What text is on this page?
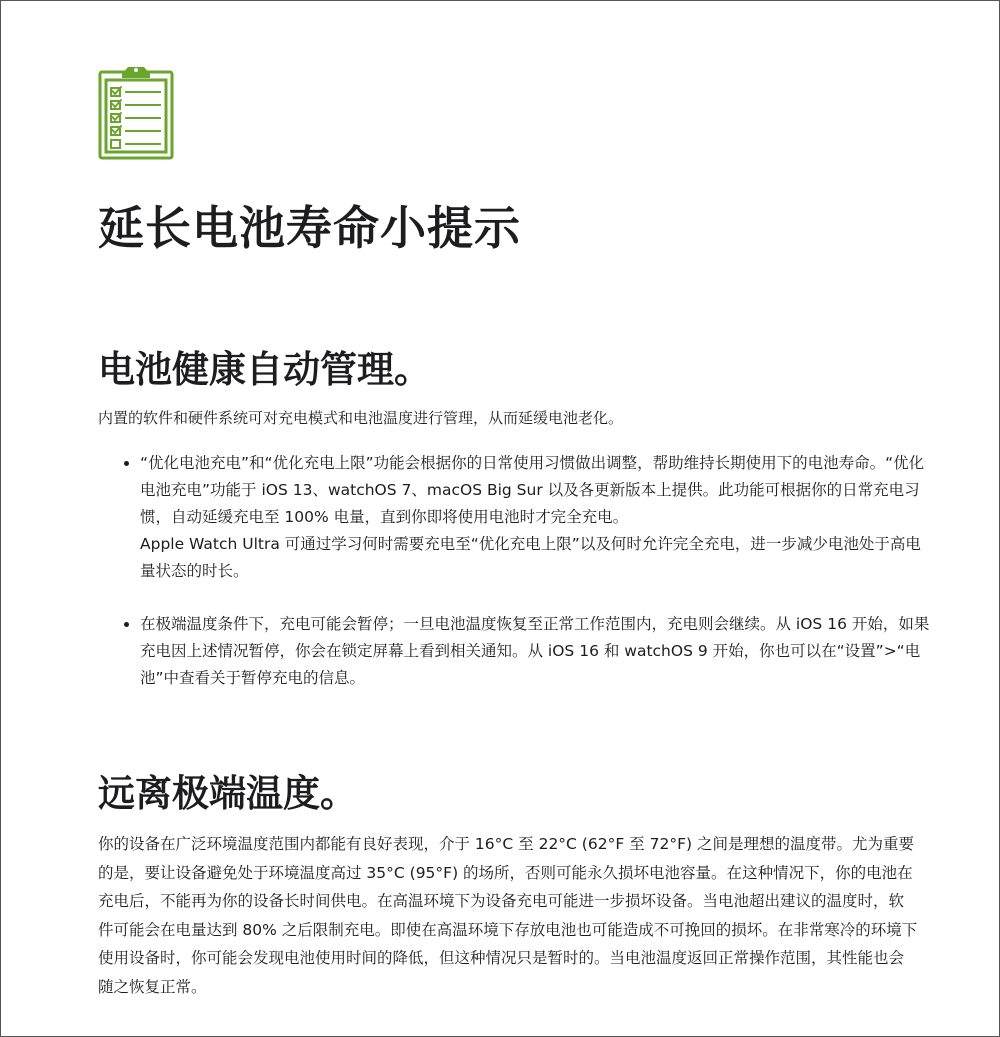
延长电池寿命小提示
电池健康自动管理。

内置的软件和硬件系统可对充电模式和电池温度进行管理，从而延缓电池老化。

“优化电池充电”和“优化充电上限”功能会根据你的日常使用习惯做出调整，帮助维持长期使用下的电池寿命。“优化电池充电”功能于 iOS 13、watchOS 7、macOS Big Sur 以及各更新版本上提供。此功能可根据你的日常充电习惯，自动延缓充电至 100% 电量，直到你即将使用电池时才完全充电。
Apple Watch Ultra 可通过学习何时需要充电至“优化充电上限”以及何时允许完全充电，进一步减少电池处于高电量状态的时长。
在极端温度条件下，充电可能会暂停；一旦电池温度恢复至正常工作范围内，充电则会继续。从 iOS 16 开始，如果充电因上述情况暂停，你会在锁定屏幕上看到相关通知。从 iOS 16 和 watchOS 9 开始，你也可以在“设置”>“电池”中查看关于暂停充电的信息。
远离极端温度。

你的设备在广泛环境温度范围内都能有良好表现，介于 16°C 至 22°C (62°F 至 72°F) 之间是理想的温度带。尤为重要的是，要让设备避免处于环境温度高过 35°C (95°F) 的场所，否则可能永久损坏电池容量。在这种情况下，你的电池在充电后，不能再为你的设备长时间供电。在高温环境下为设备充电可能进一步损坏设备。当电池超出建议的温度时，软件可能会在电量达到 80% 之后限制充电。即使在高温环境下存放电池也可能造成不可挽回的损坏。在非常寒冷的环境下使用设备时，你可能会发现电池使用时间的降低，但这种情况只是暂时的。当电池温度返回正常操作范围，其性能也会随之恢复正常。
